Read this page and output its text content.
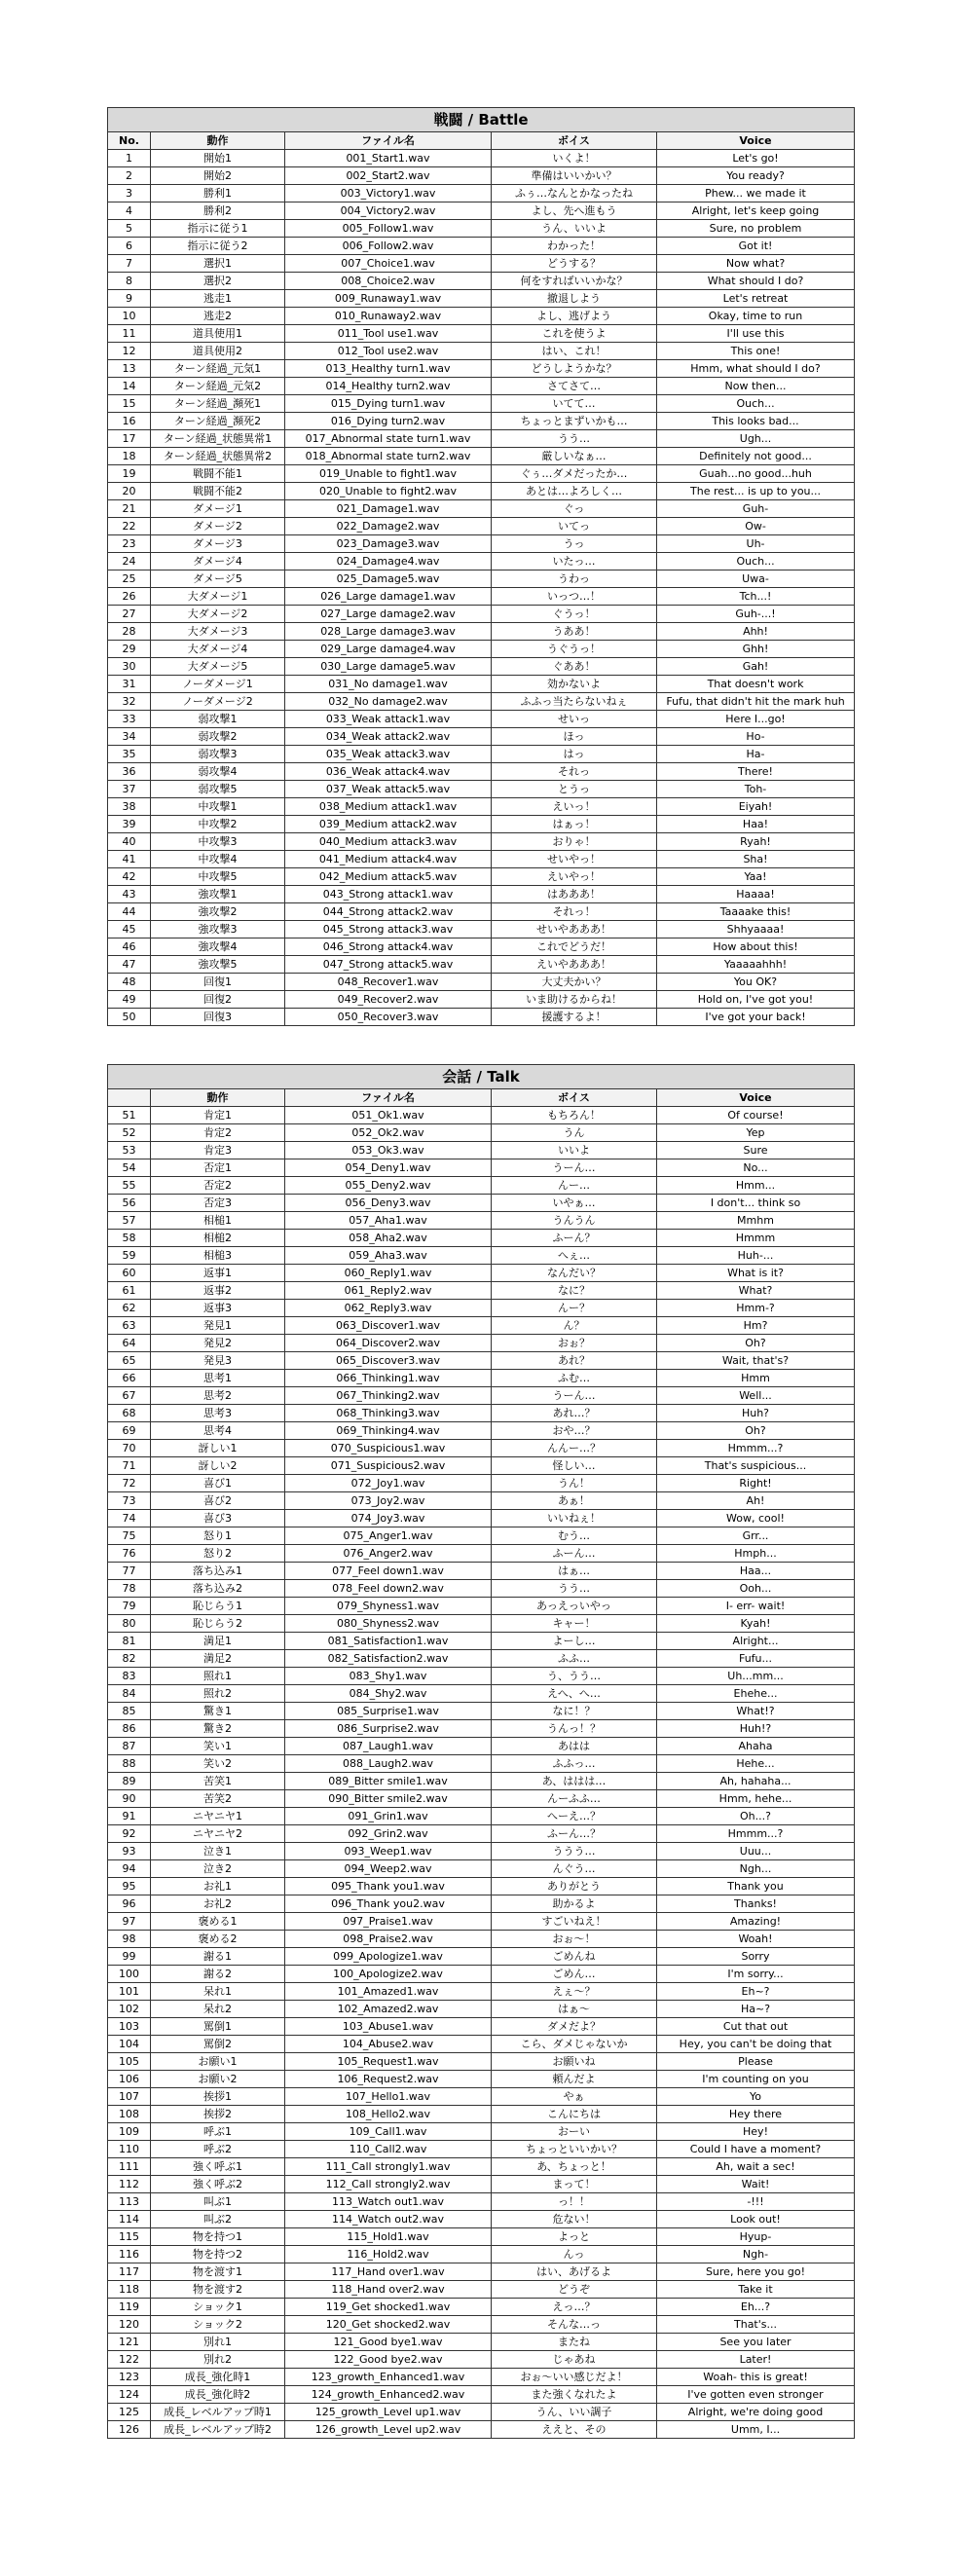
戦闘 / Battle				
No.	動作	ファイル名	ボイス	Voice
1	開始1	001_Start1.wav	いくよ！	Let's go!
2	開始2	002_Start2.wav	準備はいいかい？	You ready?
3	勝利1	003_Victory1.wav	ふぅ…なんとかなったね	Phew... we made it
4	勝利2	004_Victory2.wav	よし、先へ進もう	Alright, let's keep going
5	指示に従う1	005_Follow1.wav	うん、いいよ	Sure, no problem
6	指示に従う2	006_Follow2.wav	わかった！	Got it!
7	選択1	007_Choice1.wav	どうする？	Now what?
8	選択2	008_Choice2.wav	何をすればいいかな？	What should I do?
9	逃走1	009_Runaway1.wav	撤退しよう	Let's retreat
10	逃走2	010_Runaway2.wav	よし、逃げよう	Okay, time to run
11	道具使用1	011_Tool use1.wav	これを使うよ	I'll use this
12	道具使用2	012_Tool use2.wav	はい、これ！	This one!
13	ターン経過_元気1	013_Healthy turn1.wav	どうしようかな？	Hmm, what should I do?
14	ターン経過_元気2	014_Healthy turn2.wav	さてさて…	Now then...
15	ターン経過_瀕死1	015_Dying turn1.wav	いてて…	Ouch...
16	ターン経過_瀕死2	016_Dying turn2.wav	ちょっとまずいかも…	This looks bad...
17	ターン経過_状態異常1	017_Abnormal state turn1.wav	うう…	Ugh...
18	ターン経過_状態異常2	018_Abnormal state turn2.wav	厳しいなぁ…	Definitely not good...
19	戦闘不能1	019_Unable to fight1.wav	ぐぅ…ダメだったか…	Guah...no good...huh
20	戦闘不能2	020_Unable to fight2.wav	あとは…よろしく…	The rest... is up to you...
21	ダメージ1	021_Damage1.wav	ぐっ	Guh-
22	ダメージ2	022_Damage2.wav	いてっ	Ow-
23	ダメージ3	023_Damage3.wav	うっ	Uh-
24	ダメージ4	024_Damage4.wav	いたっ…	Ouch...
25	ダメージ5	025_Damage5.wav	うわっ	Uwa-
26	大ダメージ1	026_Large damage1.wav	いっつ…！	Tch...!
27	大ダメージ2	027_Large damage2.wav	ぐうっ！	Guh-...!
28	大ダメージ3	028_Large damage3.wav	うああ！	Ahh!
29	大ダメージ4	029_Large damage4.wav	うぐうっ！	Ghh!
30	大ダメージ5	030_Large damage5.wav	ぐああ！	Gah!
31	ノーダメージ1	031_No damage1.wav	効かないよ	That doesn't work
32	ノーダメージ2	032_No damage2.wav	ふふっ当たらないねぇ	Fufu, that didn't hit the mark huh
33	弱攻撃1	033_Weak attack1.wav	せいっ	Here I...go!
34	弱攻撃2	034_Weak attack2.wav	ほっ	Ho-
35	弱攻撃3	035_Weak attack3.wav	はっ	Ha-
36	弱攻撃4	036_Weak attack4.wav	それっ	There!
37	弱攻撃5	037_Weak attack5.wav	とうっ	Toh-
38	中攻撃1	038_Medium attack1.wav	えいっ！	Eiyah!
39	中攻撃2	039_Medium attack2.wav	はぁっ！	Haa!
40	中攻撃3	040_Medium attack3.wav	おりゃ！	Ryah!
41	中攻撃4	041_Medium attack4.wav	せいやっ！	Sha!
42	中攻撃5	042_Medium attack5.wav	えいやっ！	Yaa!
43	強攻撃1	043_Strong attack1.wav	はあああ！	Haaaa!
44	強攻撃2	044_Strong attack2.wav	それっ！	Taaaake this!
45	強攻撃3	045_Strong attack3.wav	せいやあああ！	Shhyaaaa!
46	強攻撃4	046_Strong attack4.wav	これでどうだ！	How about this!
47	強攻撃5	047_Strong attack5.wav	えいやあああ！	Yaaaaahhh!
48	回復1	048_Recover1.wav	大丈夫かい？	You OK?
49	回復2	049_Recover2.wav	いま助けるからね！	Hold on, I've got you!
50	回復3	050_Recover3.wav	援護するよ！	I've got your back!
会話 / Talk				
	動作	ファイル名	ボイス	Voice
51	肯定1	051_Ok1.wav	もちろん！	Of course!
52	肯定2	052_Ok2.wav	うん	Yep
53	肯定3	053_Ok3.wav	いいよ	Sure
54	否定1	054_Deny1.wav	うーん…	No...
55	否定2	055_Deny2.wav	んー…	Hmm...
56	否定3	056_Deny3.wav	いやぁ…	I don't... think so
57	相槌1	057_Aha1.wav	うんうん	Mmhm
58	相槌2	058_Aha2.wav	ふーん？	Hmmm
59	相槌3	059_Aha3.wav	へぇ…	Huh-...
60	返事1	060_Reply1.wav	なんだい？	What is it?
61	返事2	061_Reply2.wav	なに？	What?
62	返事3	062_Reply3.wav	んー？	Hmm-?
63	発見1	063_Discover1.wav	ん？	Hm?
64	発見2	064_Discover2.wav	おぉ？	Oh?
65	発見3	065_Discover3.wav	あれ？	Wait, that's?
66	思考1	066_Thinking1.wav	ふむ…	Hmm
67	思考2	067_Thinking2.wav	うーん…	Well...
68	思考3	068_Thinking3.wav	あれ…？	Huh?
69	思考4	069_Thinking4.wav	おや…？	Oh?
70	訝しい1	070_Suspicious1.wav	んんー…？	Hmmm...?
71	訝しい2	071_Suspicious2.wav	怪しい…	That's suspicious...
72	喜び1	072_Joy1.wav	うん！	Right!
73	喜び2	073_Joy2.wav	あぁ！	Ah!
74	喜び3	074_Joy3.wav	いいねぇ！	Wow, cool!
75	怒り1	075_Anger1.wav	むう…	Grr...
76	怒り2	076_Anger2.wav	ふーん…	Hmph...
77	落ち込み1	077_Feel down1.wav	はぁ…	Haa...
78	落ち込み2	078_Feel down2.wav	うう…	Ooh...
79	恥じらう1	079_Shyness1.wav	あっえっいやっ	I- err- wait!
80	恥じらう2	080_Shyness2.wav	キャー！	Kyah!
81	満足1	081_Satisfaction1.wav	よーし…	Alright...
82	満足2	082_Satisfaction2.wav	ふふ…	Fufu...
83	照れ1	083_Shy1.wav	う、うう…	Uh...mm...
84	照れ2	084_Shy2.wav	えへ、へ…	Ehehe...
85	驚き1	085_Surprise1.wav	なに！？	What!?
86	驚き2	086_Surprise2.wav	うんっ！？	Huh!?
87	笑い1	087_Laugh1.wav	あはは	Ahaha
88	笑い2	088_Laugh2.wav	ふふっ…	Hehe...
89	苦笑1	089_Bitter smile1.wav	あ、ははは…	Ah, hahaha...
90	苦笑2	090_Bitter smile2.wav	んーふふ…	Hmm, hehe...
91	ニヤニヤ1	091_Grin1.wav	へーえ…？	Oh...?
92	ニヤニヤ2	092_Grin2.wav	ふーん…？	Hmmm...?
93	泣き1	093_Weep1.wav	ううう…	Uuu...
94	泣き2	094_Weep2.wav	んぐう…	Ngh...
95	お礼1	095_Thank you1.wav	ありがとう	Thank you
96	お礼2	096_Thank you2.wav	助かるよ	Thanks!
97	褒める1	097_Praise1.wav	すごいねえ！	Amazing!
98	褒める2	098_Praise2.wav	おぉ～！	Woah!
99	謝る1	099_Apologize1.wav	ごめんね	Sorry
100	謝る2	100_Apologize2.wav	ごめん…	I'm sorry...
101	呆れ1	101_Amazed1.wav	えぇ～？	Eh~?
102	呆れ2	102_Amazed2.wav	はぁ～	Ha~?
103	罵倒1	103_Abuse1.wav	ダメだよ？	Cut that out
104	罵倒2	104_Abuse2.wav	こら、ダメじゃないか	Hey, you can't be doing that
105	お願い1	105_Request1.wav	お願いね	Please
106	お願い2	106_Request2.wav	頼んだよ	I'm counting on you
107	挨拶1	107_Hello1.wav	やぁ	Yo
108	挨拶2	108_Hello2.wav	こんにちは	Hey there
109	呼ぶ1	109_Call1.wav	おーい	Hey!
110	呼ぶ2	110_Call2.wav	ちょっといいかい？	Could I have a moment?
111	強く呼ぶ1	111_Call strongly1.wav	あ、ちょっと！	Ah, wait a sec!
112	強く呼ぶ2	112_Call strongly2.wav	まって！	Wait!
113	叫ぶ1	113_Watch out1.wav	っ！！	-!!!
114	叫ぶ2	114_Watch out2.wav	危ない！	Look out!
115	物を持つ1	115_Hold1.wav	よっと	Hyup-
116	物を持つ2	116_Hold2.wav	んっ	Ngh-
117	物を渡す1	117_Hand over1.wav	はい、あげるよ	Sure, here you go!
118	物を渡す2	118_Hand over2.wav	どうぞ	Take it
119	ショック1	119_Get shocked1.wav	えっ…？	Eh...?
120	ショック2	120_Get shocked2.wav	そんな…っ	That's...
121	別れ1	121_Good bye1.wav	またね	See you later
122	別れ2	122_Good bye2.wav	じゃあね	Later!
123	成長_強化時1	123_growth_Enhanced1.wav	おぉ～いい感じだよ！	Woah- this is great!
124	成長_強化時2	124_growth_Enhanced2.wav	また強くなれたよ	I've gotten even stronger
125	成長_レベルアップ時1	125_growth_Level up1.wav	うん、いい調子	Alright, we're doing good
126	成長_レベルアップ時2	126_growth_Level up2.wav	ええと、その	Umm, I...
